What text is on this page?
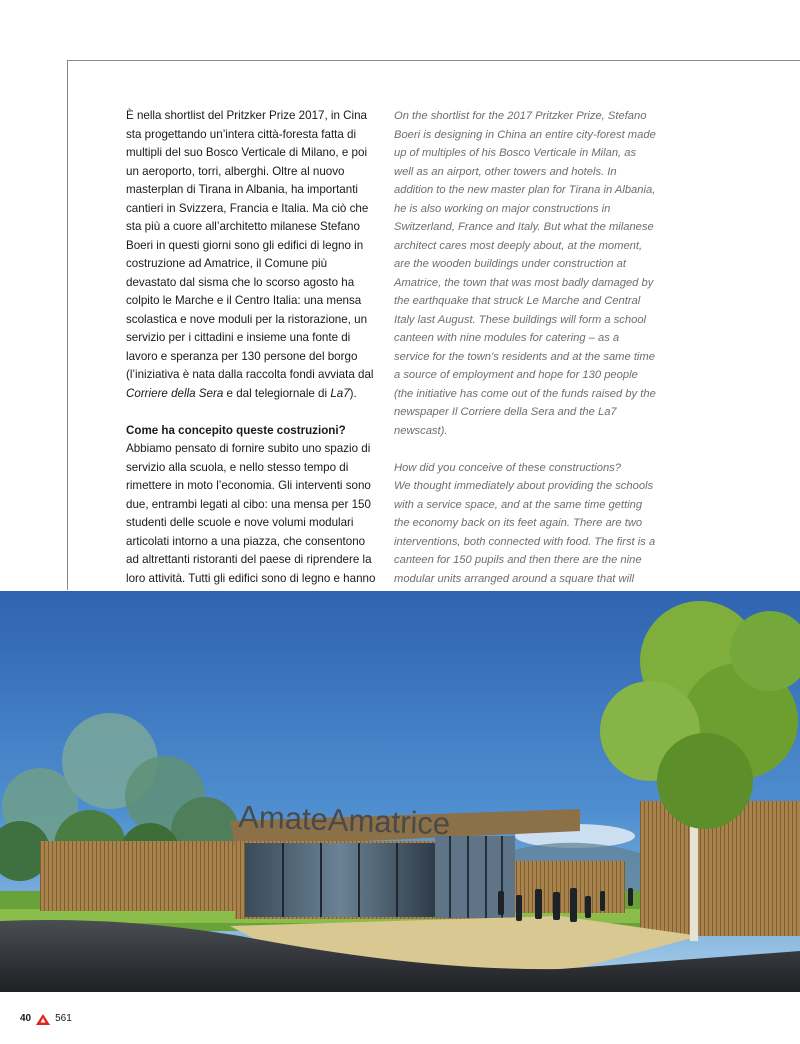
È nella shortlist del Pritzker Prize 2017, in Cina sta progettando un’intera città-foresta fatta di multipli del suo Bosco Verticale di Milano, e poi un aeroporto, torri, alberghi. Oltre al nuovo masterplan di Tirana in Albania, ha importanti cantieri in Svizzera, Francia e Italia. Ma ciò che sta più a cuore all’architetto milanese Stefano Boeri in questi giorni sono gli edifici di legno in costruzione ad Amatrice, il Comune più devastato dal sisma che lo scorso agosto ha colpito le Marche e il Centro Italia: una mensa scolastica e nove moduli per la ristorazione, un servizio per i cittadini e insieme una fonte di lavoro e speranza per 130 persone del borgo (l’iniziativa è nata dalla raccolta fondi avviata dal Corriere della Sera e dal telegiornale di La7).

Come ha concepito queste costruzioni?

Abbiamo pensato di fornire subito uno spazio di servizio alla scuola, e nello stesso tempo di rimettere in moto l’economia. Gli interventi sono due, entrambi legati al cibo: una mensa per 150 studenti delle scuole e nove volumi modulari articolati intorno a una piazza, che consentono ad altrettanti ristoranti del paese di riprendere la loro attività. Tutti gli edifici sono di legno e hanno

On the shortlist for the 2017 Pritzker Prize, Stefano Boeri is designing in China an entire city-forest made up of multiples of his Bosco Verticale in Milan, as well as an airport, other towers and hotels. In addition to the new master plan for Tirana in Albania, he is also working on major constructions in Switzerland, France and Italy. But what the milanese architect cares most deeply about, at the moment, are the wooden buildings under construction at Amatrice, the town that was most badly damaged by the earthquake that struck Le Marche and Central Italy last August. These buildings will form a school canteen with nine modules for catering – as a service for the town’s residents and at the same time a source of employment and hope for 130 people (the initiative has come out of the funds raised by the newspaper Il Corriere della Sera and the La7 newscast).

How did you conceive of these constructions?

We thought immediately about providing the schools with a service space, and at the same time getting the economy back on its feet again. There are two interventions, both connected with food. The first is a canteen for 150 pupils and then there are the nine modular units arranged around a square that will

AmateAmatrice
40 561
